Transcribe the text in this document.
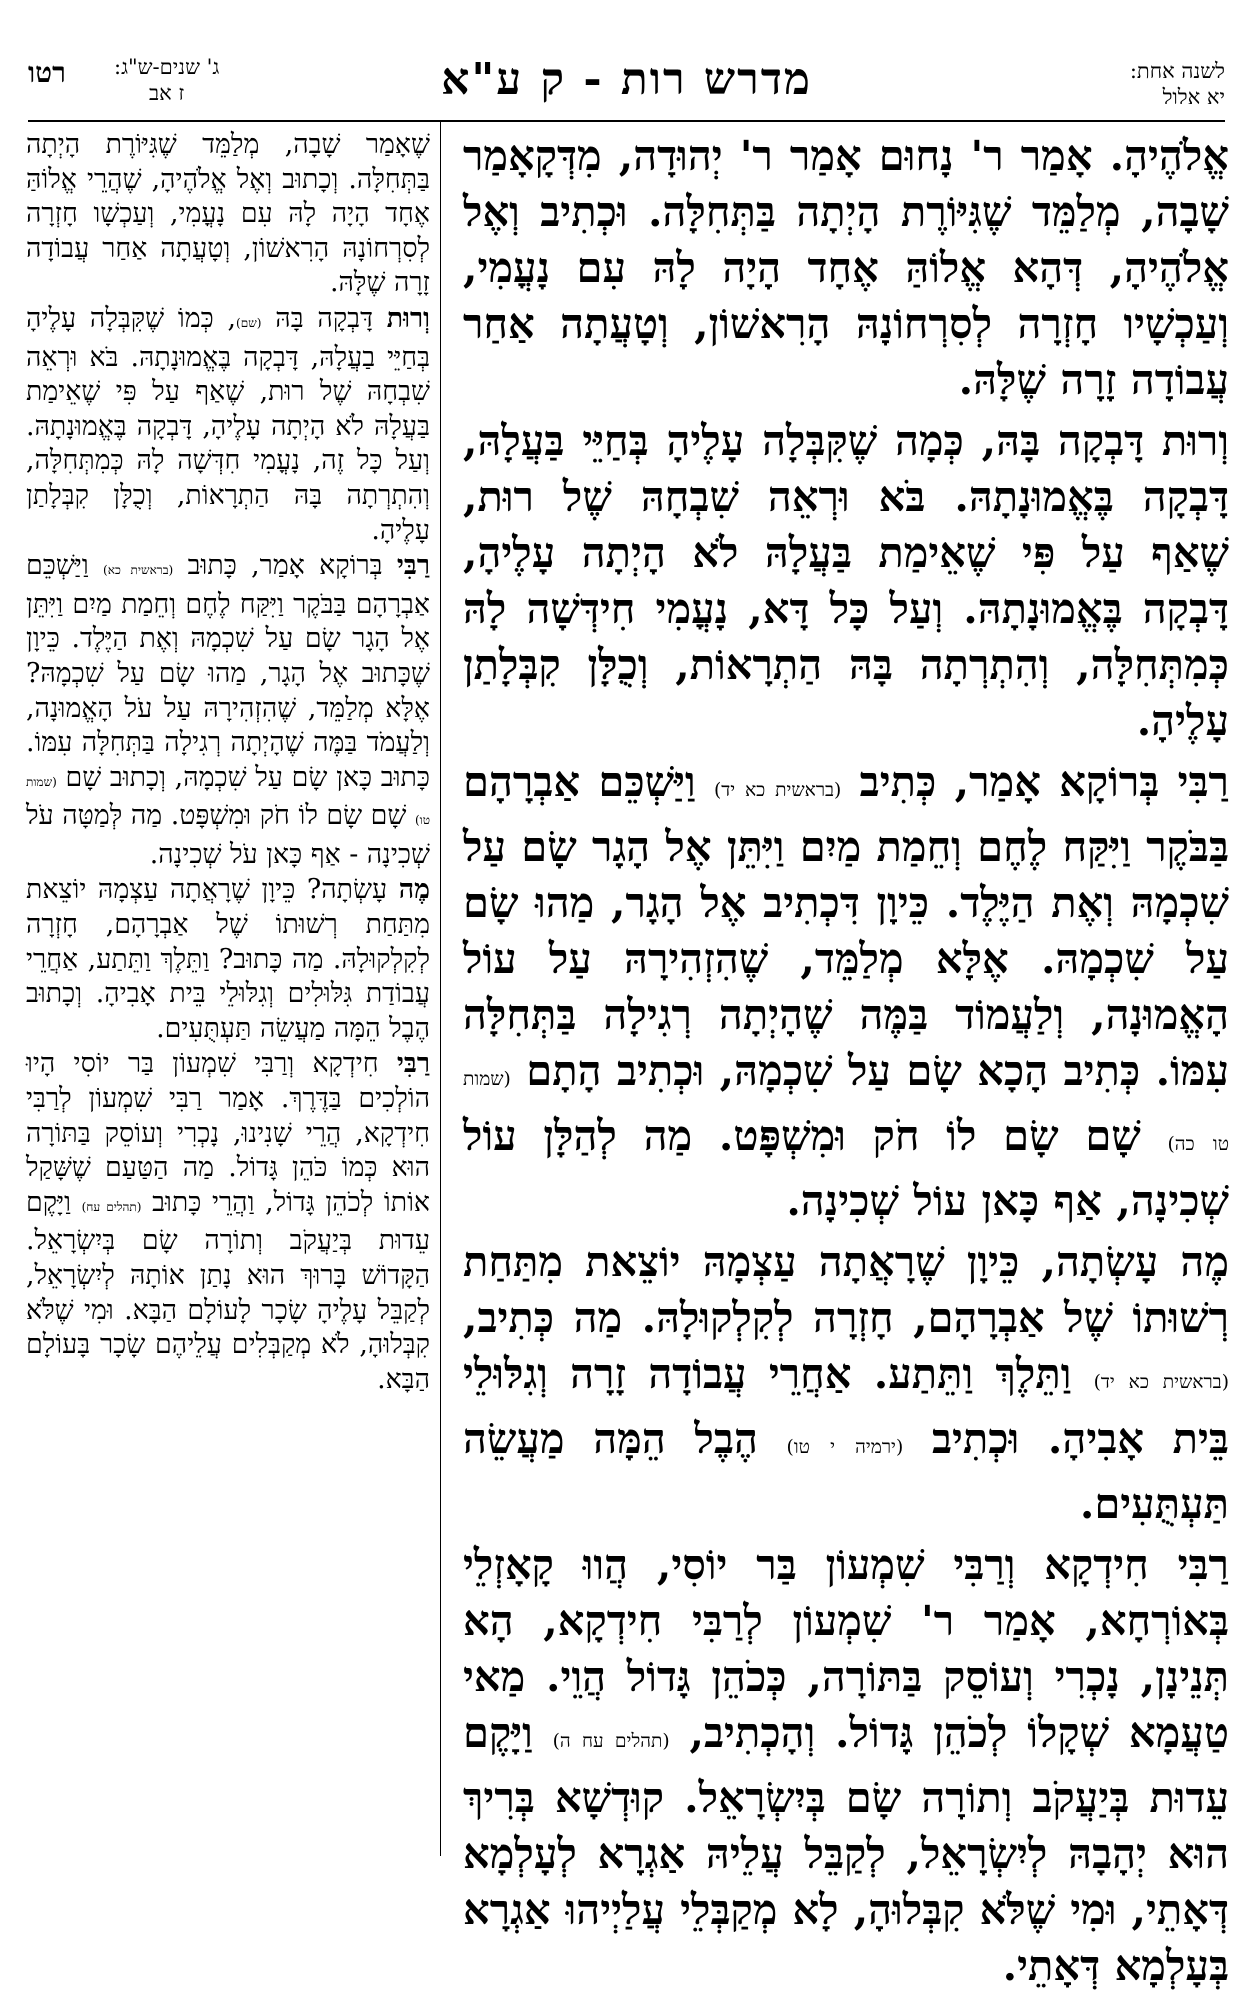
לשנה אחת:
יא אלול
מדרש רות - ק ע"א
ג' שנים-ש"ג:
ז אב
רטו

אֱלֹהֶיהָ. אָמַר ר' נָחוּם אָמַר ר' יְהוּדָה, מִדְּקָאָמַר שָׁבָה, מְלַמֵּד שֶׁגִּיּוֹרֶת הָיְתָה בַּתְּחִלָּה. וּכְתִיב וְאֶל אֱלֹהֶיהָ, דְּהָא אֱלוֹהַּ אֶחָד הָיָה לָהּ עִם נָעֳמִי, וְעַכְשָׁיו חָזְרָה לְסִרְחוֹנָהּ הָרִאשׁוֹן, וְטָעֲתָה אַחַר עֲבוֹדָה זָרָה שֶׁלָּהּ.

וְרוּת דָּבְקָה בָּהּ, כְּמָה שֶׁקִּבְּלָה עָלֶיהָ בְּחַיֵּי בַּעֲלָהּ, דָּבְקָה בֶּאֱמוּנָתָהּ. בֹּא וּרְאֵה שִׁבְחָהּ שֶׁל רוּת, שֶׁאַף עַל פִּי שֶׁאֵימַת בַּעֲלָהּ לֹא הָיְתָה עָלֶיהָ, דָּבְקָה בֶּאֱמוּנָתָהּ. וְעַל כָּל דָּא, נָעֳמִי חִידְּשָׁה לָהּ כְּמִתְּחִלָּה, וְהִתְרְתָה בָּהּ הַתְרָאוֹת, וְכֻלָּן קִבְּלָתַן עָלֶיהָ.

רַבִּי בְּרוֹקָא אָמַר, כְּתִיב (בראשית כא יד) וַיַּשְׁכֵּם אַבְרָהָם בַּבֹּקֶר וַיִּקַּח לֶחֶם וְחֵמַת מַיִם וַיִּתֵּן אֶל הָגָר שָׂם עַל שִׁכְמָהּ וְאֶת הַיֶּלֶד. כֵּיוָן דִּכְתִיב אֶל הָגָר, מַהוּ שָׂם עַל שִׁכְמָהּ. אֶלָּא מְלַמֵּד, שֶׁהִזְהִירָהּ עַל עוֹל הָאֱמוּנָה, וְלַעֲמוֹד בַּמֶּה שֶׁהָיְתָה רְגִילָה בַּתְּחִלָּה עִמּוֹ. כְּתִיב הָכָא שָׂם עַל שִׁכְמָהּ, וּכְתִיב הָתָם (שמות טו כה) שָׁם שָׂם לוֹ חֹק וּמִשְׁפָּט. מַה לְהַלָּן עוֹל שְׁכִינָה, אַף כָּאן עוֹל שְׁכִינָה.

מֶה עָשְׂתָה, כֵּיוָן שֶׁרָאֲתָה עַצְמָהּ יוֹצֵאת מִתַּחַת רְשׁוּתוֹ שֶׁל אַבְרָהָם, חָזְרָה לְקִלְקוּלָהּ. מַה כְּתִיב, (בראשית כא יד) וַתֵּלֶךְ וַתֵּתַע. אַחֲרֵי עֲבוֹדָה זָרָה וְגִלּוּלֵי בֵּית אָבִיהָ. וּכְתִיב (ירמיה י טו) הֶבֶל הֵמָּה מַעֲשֵׂה תַּעְתֻּעִים.

רַבִּי חִידְקָא וְרַבִּי שִׁמְעוֹן בַּר יוֹסִי, הֲווּ קָאָזְלֵי בְּאוֹרְחָא, אָמַר ר' שִׁמְעוֹן לְרַבִּי חִידְקָא, הָא תְּנֵינָן, נָכְרִי וְעוֹסֵק בַּתּוֹרָה, כְּכֹהֵן גָּדוֹל הֲוֵי. מַאי טַעֲמָא שְׁקָלוֹ לְכֹהֵן גָּדוֹל. וְהָכְתִיב, (תהלים עח ה) וַיָּקֶם עֵדוּת בְּיַעֲקֹב וְתוֹרָה שָׂם בְּיִשְׂרָאֵל. קוּדְשָׁא בְּרִיךְ הוּא יְהָבָהּ לְיִשְׂרָאֵל, לְקַבֵּל עֲלֵיהּ אַגְרָא לְעָלְמָא דְּאָתֵי, וּמִי שֶׁלֹּא קִבְּלוּהָ, לָא מְקַבְּלֵי עֲלַיְיהוּ אַגְרָא בְּעָלְמָא דְּאָתֵי.

שֶׁאָמַר שָׁבָה, מְלַמֵּד שֶׁגִּיּוֹרֶת הָיְתָה בַּתְּחִלָּה. וְכָתוּב וְאֶל אֱלֹהֶיהָ, שֶׁהֲרֵי אֱלוֹהַּ אֶחָד הָיָה לָהּ עִם נָעֳמִי, וְעַכְשָׁו חָזְרָה לְסִרְחוֹנָהּ הָרִאשׁוֹן, וְטָעֲתָה אַחַר עֲבוֹדָה זָרָה שֶׁלָּהּ.

וְרוּת דָּבְקָה בָּהּ (שם), כְּמוֹ שֶׁקִּבְּלָה עָלֶיהָ בְּחַיֵּי בַעֲלָהּ, דָּבְקָה בֶּאֱמוּנָתָהּ. בֹּא וּרְאֵה שִׁבְחָהּ שֶׁל רוּת, שֶׁאַף עַל פִּי שֶׁאֵימַת בַּעֲלָהּ לֹא הָיְתָה עָלֶיהָ, דָּבְקָה בֶּאֱמוּנָתָהּ. וְעַל כָּל זֶה, נָעֳמִי חִדְּשָׁה לָהּ כְּמִתְּחִלָּה, וְהִתְרְתָה בָּהּ הַתְרָאוֹת, וְכֻלָּן קִבְּלָתַן עָלֶיהָ.

רַבִּי בְּרוֹקָא אָמַר, כָּתוּב (בראשית כא) וַיַּשְׁכֵּם אַבְרָהָם בַּבֹּקֶר וַיִּקַּח לֶחֶם וְחֵמַת מַיִם וַיִּתֵּן אֶל הָגָר שָׂם עַל שִׁכְמָהּ וְאֶת הַיֶּלֶד. כֵּיוָן שֶׁכָּתוּב אֶל הָגָר, מַהוּ שָׂם עַל שִׁכְמָהּ? אֶלָּא מְלַמֵּד, שֶׁהִזְהִירָהּ עַל עֹל הָאֱמוּנָה, וְלַעֲמֹד בַּמֶּה שֶׁהָיְתָה רְגִילָה בַּתְּחִלָּה עִמּוֹ. כָּתוּב כָּאן שָׂם עַל שִׁכְמָהּ, וְכָתוּב שָׁם (שמות טו) שָׁם שָׂם לוֹ חֹק וּמִשְׁפָּט. מַה לְּמַטָּה עֹל שְׁכִינָה - אַף כָּאן עֹל שְׁכִינָה.

מֶה עָשְׂתָה? כֵּיוָן שֶׁרָאֲתָה עַצְמָהּ יוֹצֵאת מִתַּחַת רְשׁוּתוֹ שֶׁל אַבְרָהָם, חָזְרָה לְקִלְקוּלָהּ. מַה כָּתוּב? וַתֵּלֶךְ וַתֵּתַע, אַחֲרֵי עֲבוֹדַת גִּלּוּלִים וְגִלּוּלֵי בֵּית אָבִיהָ. וְכָתוּב הֶבֶל הֵמָּה מַעֲשֵׂה תַּעְתֻּעִים.

רַבִּי חִידְקָא וְרַבִּי שִׁמְעוֹן בַּר יוֹסִי הָיוּ הוֹלְכִים בַּדֶּרֶךְ. אָמַר רַבִּי שִׁמְעוֹן לְרַבִּי חִידְקָא, הֲרֵי שָׁנִינוּ, נָכְרִי וְעוֹסֵק בַּתּוֹרָה הוּא כְּמוֹ כֹּהֵן גָּדוֹל. מַה הַטַּעַם שֶׁשָּׁקַל אוֹתוֹ לְכֹהֵן גָּדוֹל, וַהֲרֵי כָּתוּב (תהלים עח) וַיָּקֶם עֵדוּת בְּיַעֲקֹב וְתוֹרָה שָׂם בְּיִשְׂרָאֵל. הַקָּדוֹשׁ בָּרוּךְ הוּא נָתַן אוֹתָהּ לְיִשְׂרָאֵל, לְקַבֵּל עָלֶיהָ שָׂכָר לָעוֹלָם הַבָּא. וּמִי שֶׁלֹּא קִבְּלוּהָ, לֹא מְקַבְּלִים עֲלֵיהֶם שָׂכָר בָּעוֹלָם הַבָּא.
